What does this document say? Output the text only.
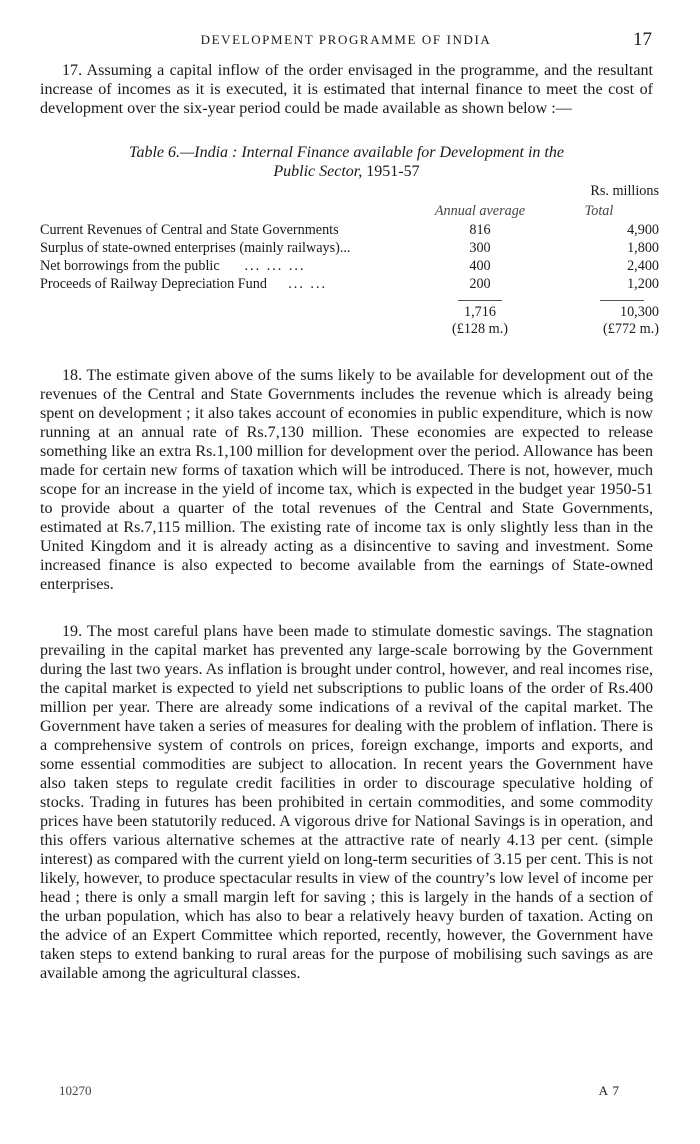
DEVELOPMENT PROGRAMME OF INDIA	17

17. Assuming a capital inflow of the order envisaged in the programme, and the resultant increase of incomes as it is executed, it is estimated that internal finance to meet the cost of development over the six-year period could be made available as shown below :—

Table 6.—India : Internal Finance available for Development in the
Public Sector, 1951-57
Rs. millions
Annual average	Total
Current Revenues of Central and State Governments	816	4,900
Surplus of state-owned enterprises (mainly railways)...	300	1,800
Net borrowings from the public ... ... ...	400	2,400
Proceeds of Railway Depreciation Fund ... ...	200	1,200
1,716	10,300
(£128 m.)	(£772 m.)

18. The estimate given above of the sums likely to be available for development out of the revenues of the Central and State Governments includes the revenue which is already being spent on development ; it also takes account of economies in public expenditure, which is now running at an annual rate of Rs.7,130 million. These economies are expected to release something like an extra Rs.1,100 million for development over the period. Allowance has been made for certain new forms of taxation which will be introduced. There is not, however, much scope for an increase in the yield of income tax, which is expected in the budget year 1950-51 to provide about a quarter of the total revenues of the Central and State Governments, estimated at Rs.7,115 million. The existing rate of income tax is only slightly less than in the United Kingdom and it is already acting as a disincentive to saving and investment. Some increased finance is also expected to become available from the earnings of State-owned enterprises.

19. The most careful plans have been made to stimulate domestic savings. The stagnation prevailing in the capital market has prevented any large-scale borrowing by the Government during the last two years. As inflation is brought under control, however, and real incomes rise, the capital market is expected to yield net subscriptions to public loans of the order of Rs.400 million per year. There are already some indications of a revival of the capital market. The Government have taken a series of measures for dealing with the problem of inflation. There is a comprehensive system of controls on prices, foreign exchange, imports and exports, and some essential commodities are subject to allocation. In recent years the Government have also taken steps to regulate credit facilities in order to discourage speculative holding of stocks. Trading in futures has been prohibited in certain commodities, and some commodity prices have been statutorily reduced. A vigorous drive for National Savings is in operation, and this offers various alternative schemes at the attractive rate of nearly 4.13 per cent. (simple interest) as compared with the current yield on long-term securities of 3.15 per cent. This is not likely, however, to produce spectacular results in view of the country’s low level of income per head ; there is only a small margin left for saving ; this is largely in the hands of a section of the urban population, which has also to bear a relatively heavy burden of taxation. Acting on the advice of an Expert Committee which reported, recently, however, the Government have taken steps to extend banking to rural areas for the purpose of mobilising such savings as are available among the agricultural classes.

10270	A 7
